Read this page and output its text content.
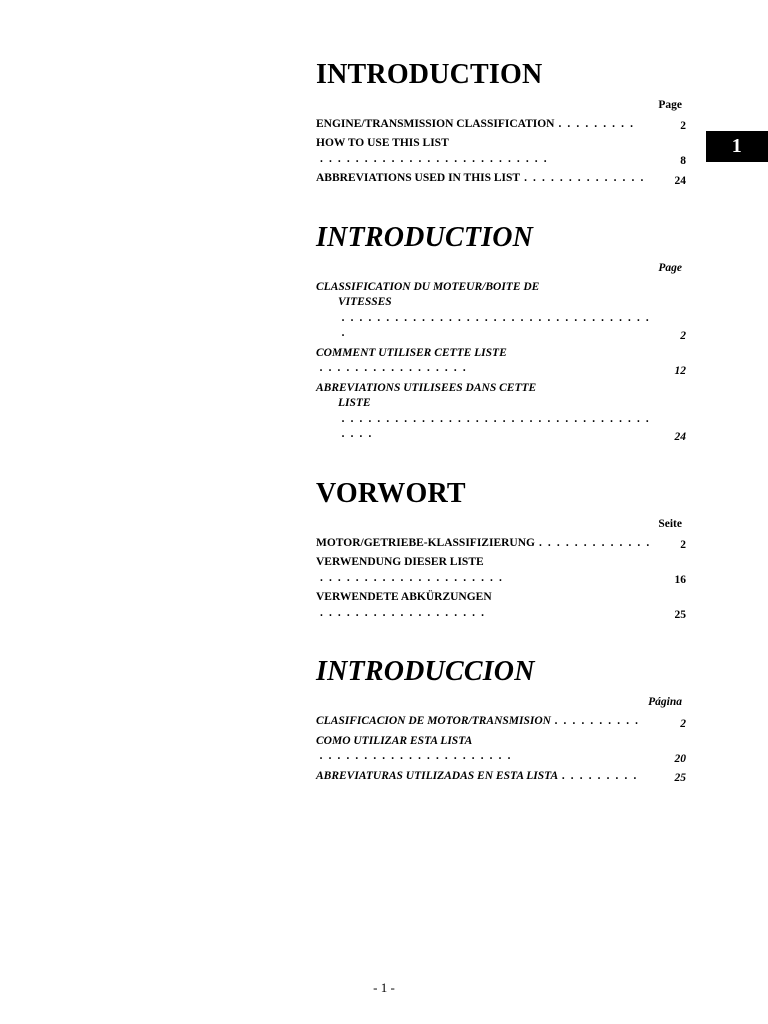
1
INTRODUCTION
Page
ENGINE/TRANSMISSION CLASSIFICATION . . . . . . . . .	2
HOW TO USE THIS LIST. . . . . . . . . . . . . . . . . . . . . . . . . .	8
ABBREVIATIONS USED IN THIS LIST . . . . . . . . . . . . . .	24
INTRODUCTION
Page
CLASSIFICATION DU MOTEUR/BOITE DE
VITESSES. . . . . . . . . . . . . . . . . . . . . . . . . . . . . . . . . . . .	2
COMMENT UTILISER CETTE LISTE. . . . . . . . . . . . . . . . .	12
ABREVIATIONS UTILISEES DANS CETTE
LISTE. . . . . . . . . . . . . . . . . . . . . . . . . . . . . . . . . . . . . . .	24
VORWORT
Seite
MOTOR/GETRIEBE-KLASSIFIZIERUNG . . . . . . . . . . . . .	2
VERWENDUNG DIESER LISTE. . . . . . . . . . . . . . . . . . . . .	16
VERWENDETE ABKÜRZUNGEN. . . . . . . . . . . . . . . . . . .	25
INTRODUCCION
Página
CLASIFICACION DE MOTOR/TRANSMISION . . . . . . . . . .	2
COMO UTILIZAR ESTA LISTA. . . . . . . . . . . . . . . . . . . . . .	20
ABREVIATURAS UTILIZADAS EN ESTA LISTA . . . . . . . . .	25
- 1 -
